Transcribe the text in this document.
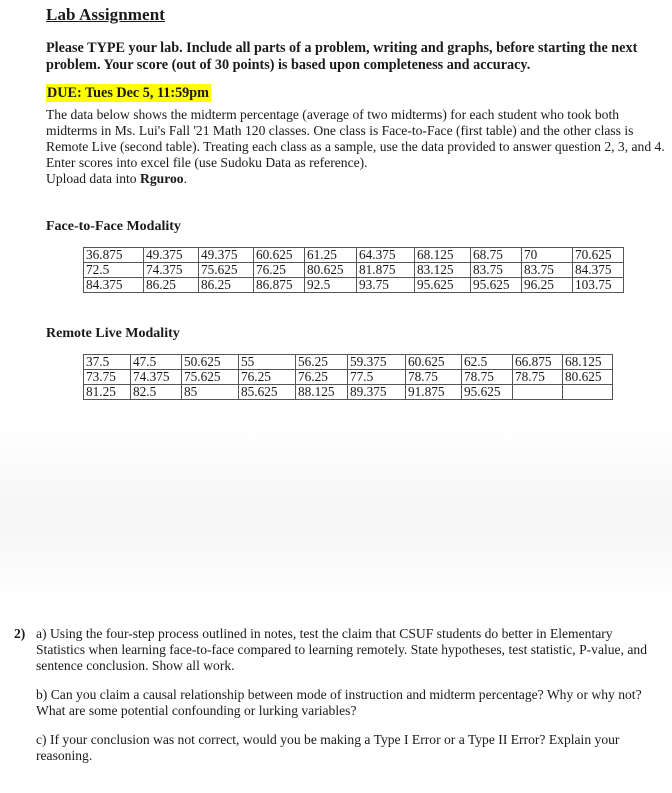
Lab Assignment
Please TYPE your lab. Include all parts of a problem, writing and graphs, before starting the next problem. Your score (out of 30 points) is based upon completeness and accuracy.
DUE: Tues Dec 5, 11:59pm
The data below shows the midterm percentage (average of two midterms) for each student who took both midterms in Ms. Lui's Fall '21 Math 120 classes. One class is Face-to-Face (first table) and the other class is Remote Live (second table). Treating each class as a sample, use the data provided to answer question 2, 3, and 4. Enter scores into excel file (use Sudoku Data as reference).
Upload data into Rguroo.
Face-to-Face Modality
36.875	49.375	49.375	60.625	61.25	64.375	68.125	68.75	70	70.625
72.5	74.375	75.625	76.25	80.625	81.875	83.125	83.75	83.75	84.375
84.375	86.25	86.25	86.875	92.5	93.75	95.625	95.625	96.25	103.75
Remote Live Modality
37.5	47.5	50.625	55	56.25	59.375	60.625	62.5	66.875	68.125
73.75	74.375	75.625	76.25	76.25	77.5	78.75	78.75	78.75	80.625
81.25	82.5	85	85.625	88.125	89.375	91.875	95.625		
2) a) Using the four-step process outlined in notes, test the claim that CSUF students do better in Elementary Statistics when learning face-to-face compared to learning remotely. State hypotheses, test statistic, P-value, and sentence conclusion. Show all work.
b) Can you claim a causal relationship between mode of instruction and midterm percentage? Why or why not? What are some potential confounding or lurking variables?
c) If your conclusion was not correct, would you be making a Type I Error or a Type II Error? Explain your reasoning.
